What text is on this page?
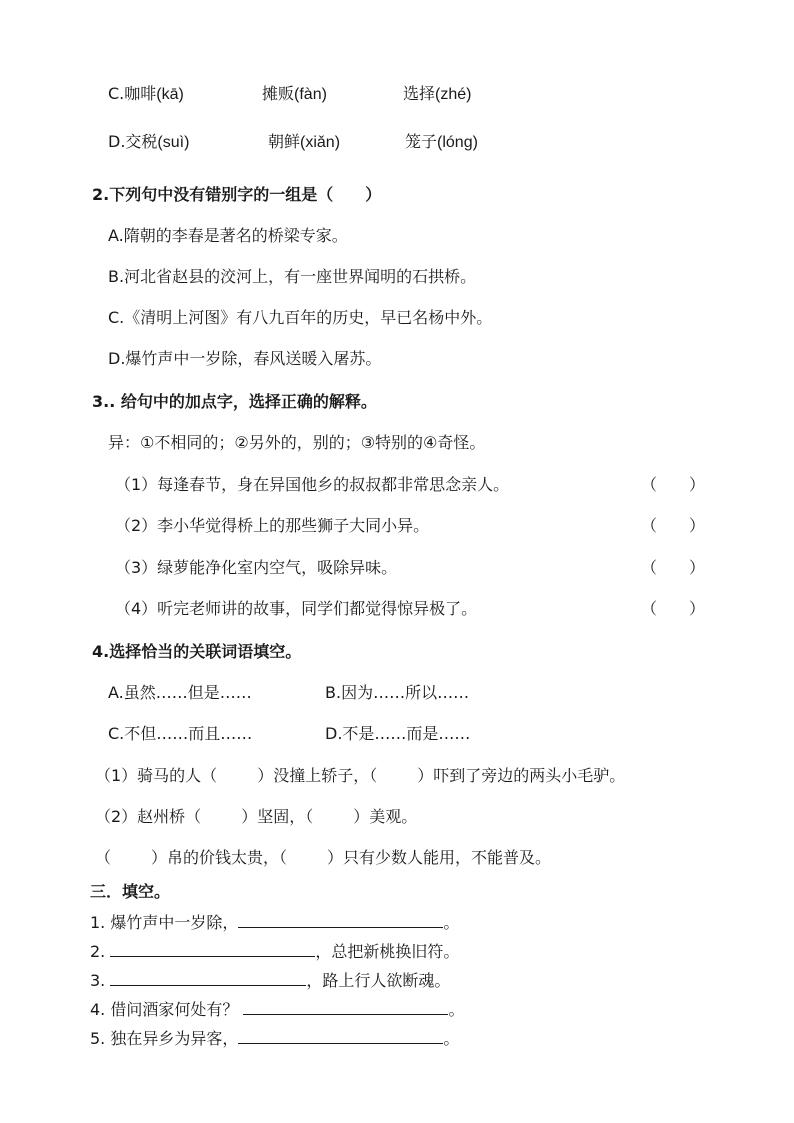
C.咖啡(kā)	摊贩(fàn)	选择(zhé)
D.交税(suì)	朝鲜(xiǎn)	笼子(lóng)
2.下列句中没有错别字的一组是（　　）
A.隋朝的李春是著名的桥梁专家。
B.河北省赵县的洨河上，有一座世界闻明的石拱桥。
C.《清明上河图》有八九百年的历史，早已名杨中外。
D.爆竹声中一岁除，春风送暖入屠苏。
3.. 给句中的加点字，选择正确的解释。
异：①不相同的；②另外的，别的；③特别的④奇怪。
（1）每逢春节，身在异国他乡的叔叔都非常思念亲人。	（　　）
（2）李小华觉得桥上的那些狮子大同小异。	（　　）
（3）绿萝能净化室内空气，吸除异味。	（　　）
（4）听完老师讲的故事，同学们都觉得惊异极了。	（　　）
4.选择恰当的关联词语填空。
A.虽然……但是……	B.因为……所以……
C.不但……而且……	D.不是……而是……
（1）骑马的人（	）没撞上轿子，（	）吓到了旁边的两头小毛驴。
（2）赵州桥（	）坚固，（	）美观。
（	）帛的价钱太贵，（	）只有少数人能用，不能普及。
三．填空。
1. 爆竹声中一岁除，	。
2.	，总把新桃换旧符。
3.	，路上行人欲断魂。
4. 借问酒家何处有？	。
5. 独在异乡为异客，	。
